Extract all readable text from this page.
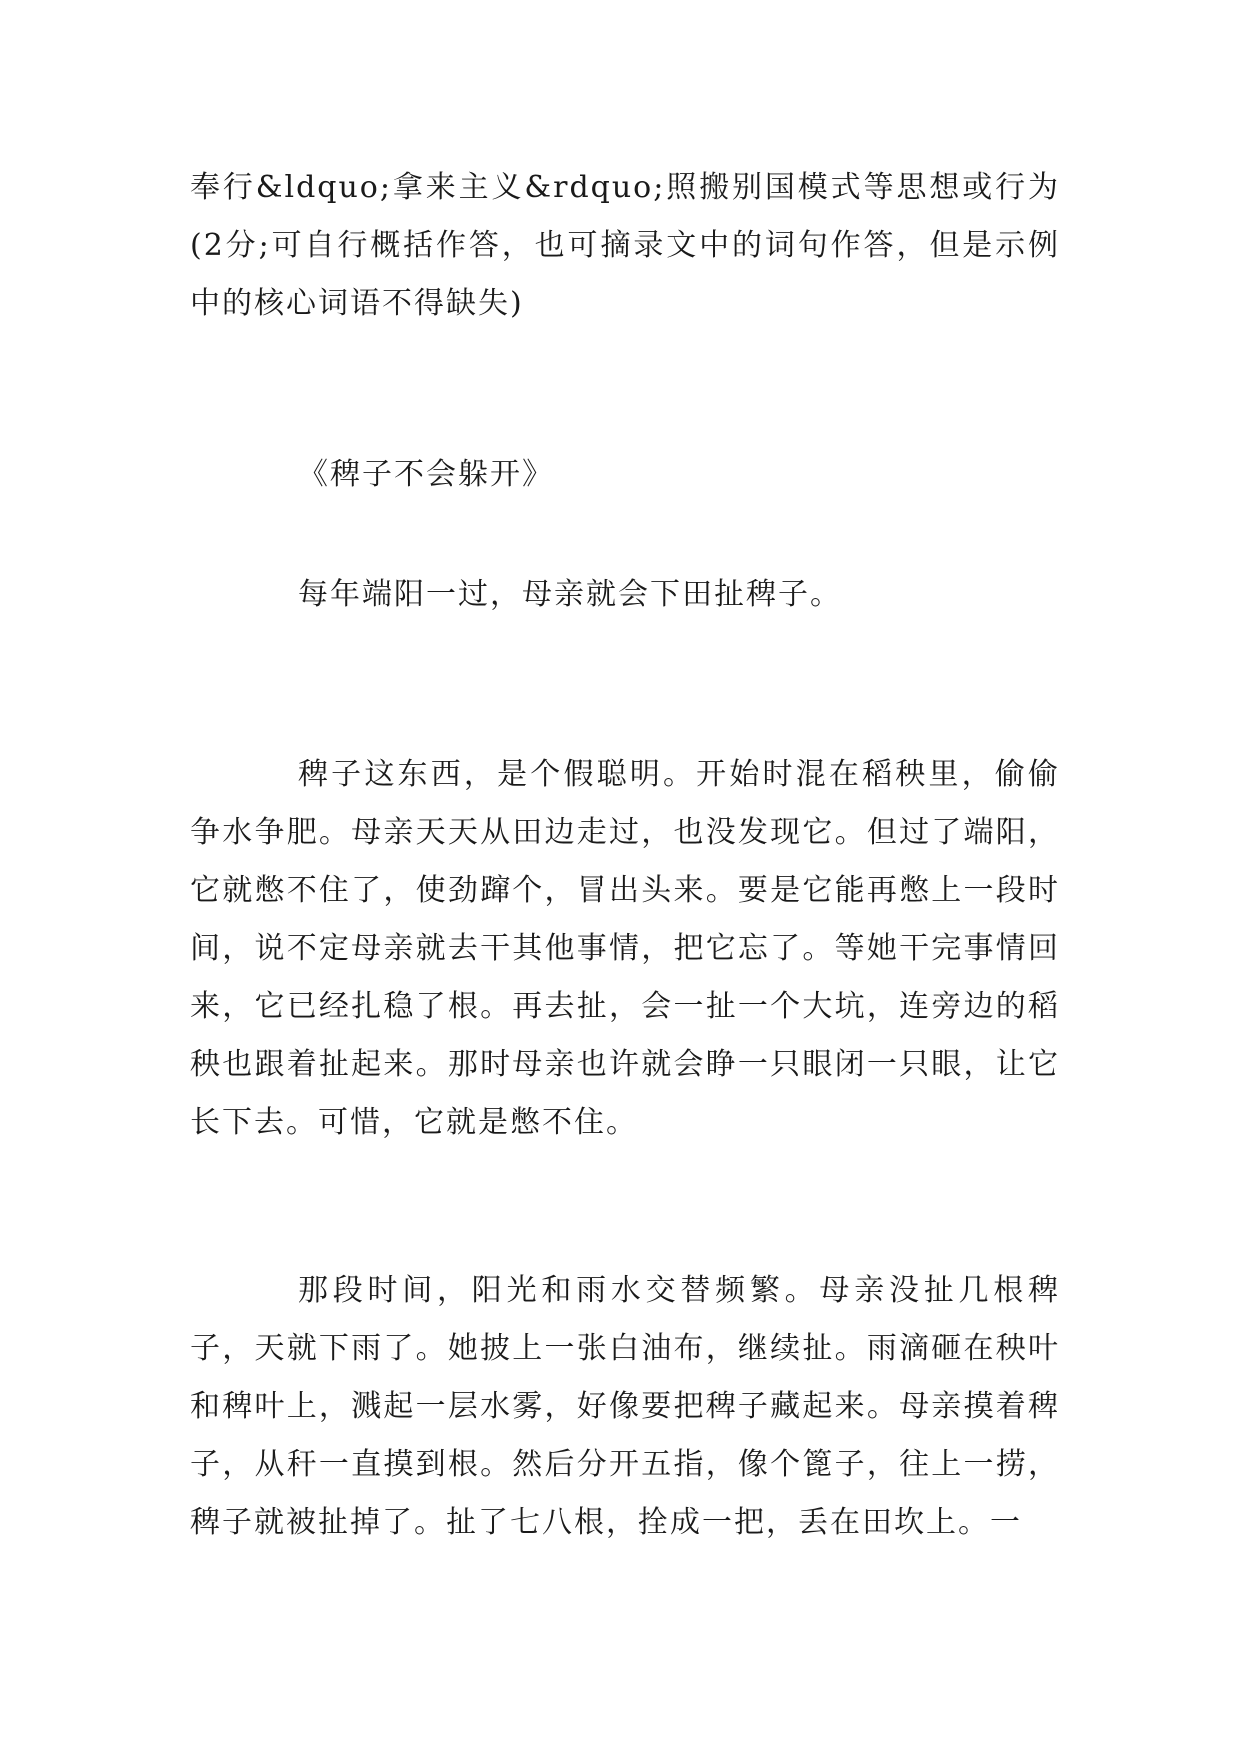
奉行&ldquo;拿来主义&rdquo;照搬别国模式等思想或行为(2分;可自行概括作答，也可摘录文中的词句作答，但是示例中的核心词语不得缺失)

《稗子不会躲开》

每年端阳一过，母亲就会下田扯稗子。

稗子这东西，是个假聪明。开始时混在稻秧里，偷偷争水争肥。母亲天天从田边走过，也没发现它。但过了端阳，它就憋不住了，使劲蹿个，冒出头来。要是它能再憋上一段时间，说不定母亲就去干其他事情，把它忘了。等她干完事情回来，它已经扎稳了根。再去扯，会一扯一个大坑，连旁边的稻秧也跟着扯起来。那时母亲也许就会睁一只眼闭一只眼，让它长下去。可惜，它就是憋不住。

那段时间，阳光和雨水交替频繁。母亲没扯几根稗子，天就下雨了。她披上一张白油布，继续扯。雨滴砸在秧叶和稗叶上，溅起一层水雾，好像要把稗子藏起来。母亲摸着稗子，从秆一直摸到根。然后分开五指，像个篦子，往上一捞，稗子就被扯掉了。扯了七八根，拴成一把，丢在田坎上。一
